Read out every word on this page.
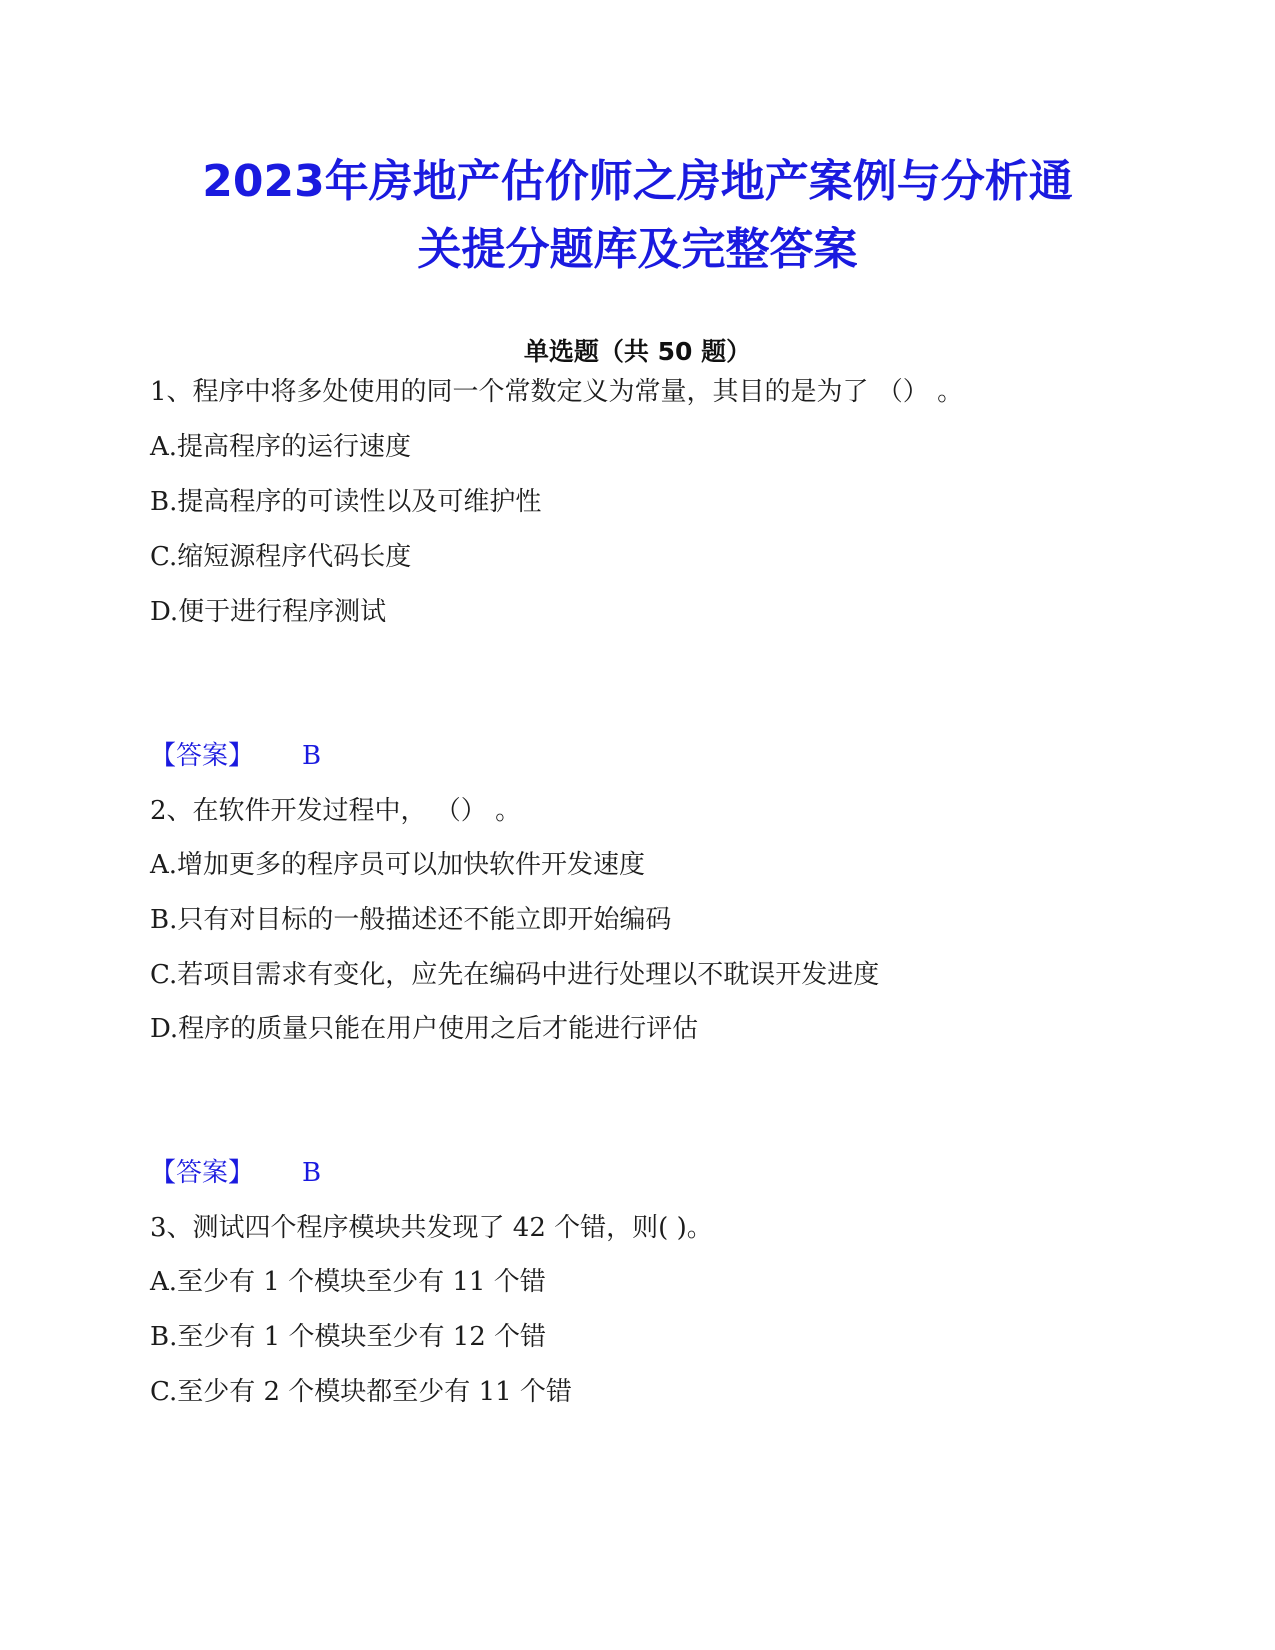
2023年房地产估价师之房地产案例与分析通
关提分题库及完整答案
单选题（共 50 题）
1、程序中将多处使用的同一个常数定义为常量，其目的是为了 （） 。
A.提高程序的运行速度
B.提高程序的可读性以及可维护性
C.缩短源程序代码长度
D.便于进行程序测试
【答案】 B
2、在软件开发过程中， （） 。
A.增加更多的程序员可以加快软件开发速度
B.只有对目标的一般描述还不能立即开始编码
C.若项目需求有变化，应先在编码中进行处理以不耽误开发进度
D.程序的质量只能在用户使用之后才能进行评估
【答案】 B
3、测试四个程序模块共发现了 42 个错，则( )。
A.至少有 1 个模块至少有 11 个错
B.至少有 1 个模块至少有 12 个错
C.至少有 2 个模块都至少有 11 个错
